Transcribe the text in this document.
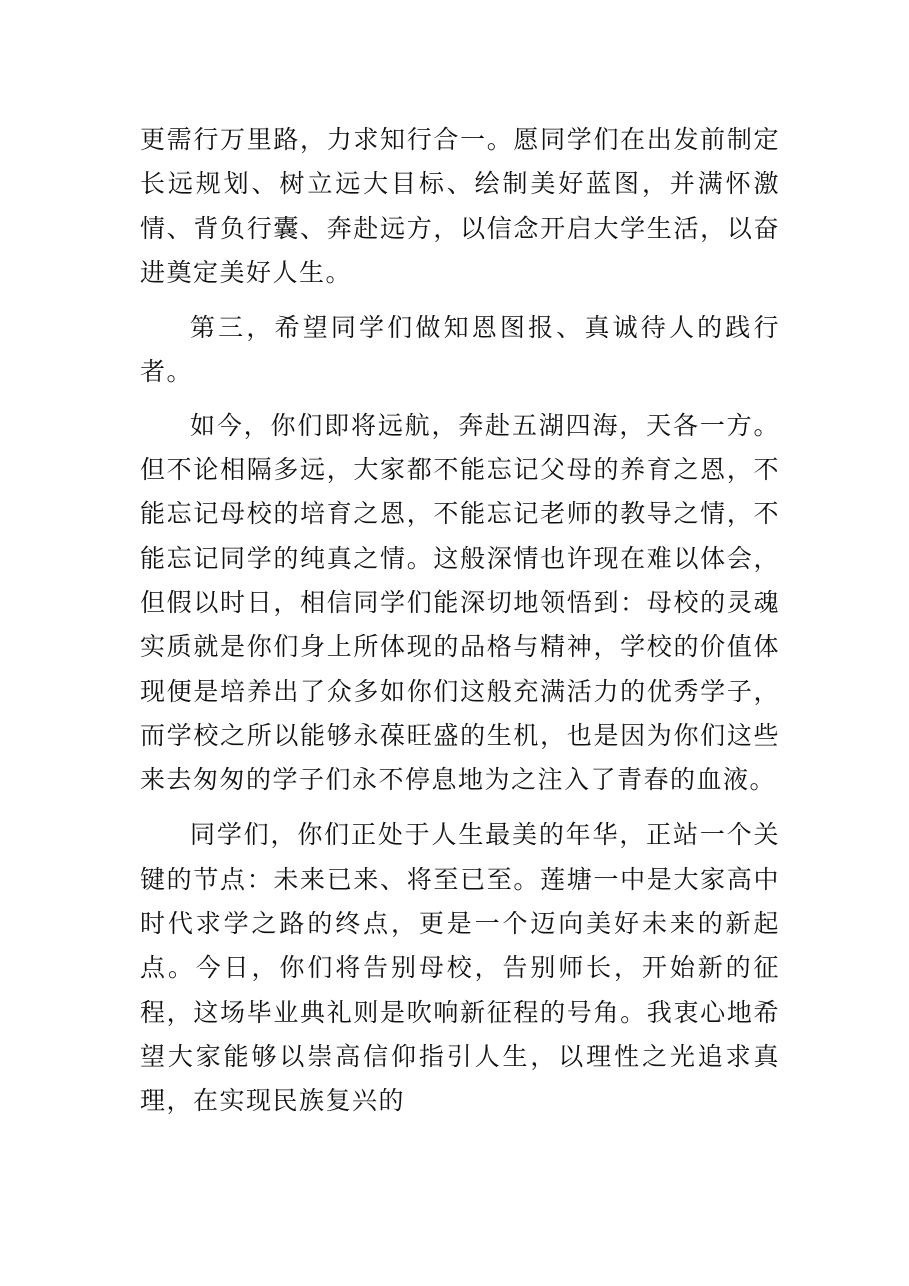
更需行万里路，力求知行合一。愿同学们在出发前制定长远规划、树立远大目标、绘制美好蓝图，并满怀激情、背负行囊、奔赴远方，以信念开启大学生活，以奋进奠定美好人生。

第三，希望同学们做知恩图报、真诚待人的践行者。

如今，你们即将远航，奔赴五湖四海，天各一方。但不论相隔多远，大家都不能忘记父母的养育之恩，不能忘记母校的培育之恩，不能忘记老师的教导之情，不能忘记同学的纯真之情。这般深情也许现在难以体会，但假以时日，相信同学们能深切地领悟到：母校的灵魂实质就是你们身上所体现的品格与精神，学校的价值体现便是培养出了众多如你们这般充满活力的优秀学子，而学校之所以能够永葆旺盛的生机，也是因为你们这些来去匆匆的学子们永不停息地为之注入了青春的血液。

同学们，你们正处于人生最美的年华，正站一个关键的节点：未来已来、将至已至。莲塘一中是大家高中时代求学之路的终点，更是一个迈向美好未来的新起点。今日，你们将告别母校，告别师长，开始新的征程，这场毕业典礼则是吹响新征程的号角。我衷心地希望大家能够以崇高信仰指引人生，以理性之光追求真理，在实现民族复兴的
